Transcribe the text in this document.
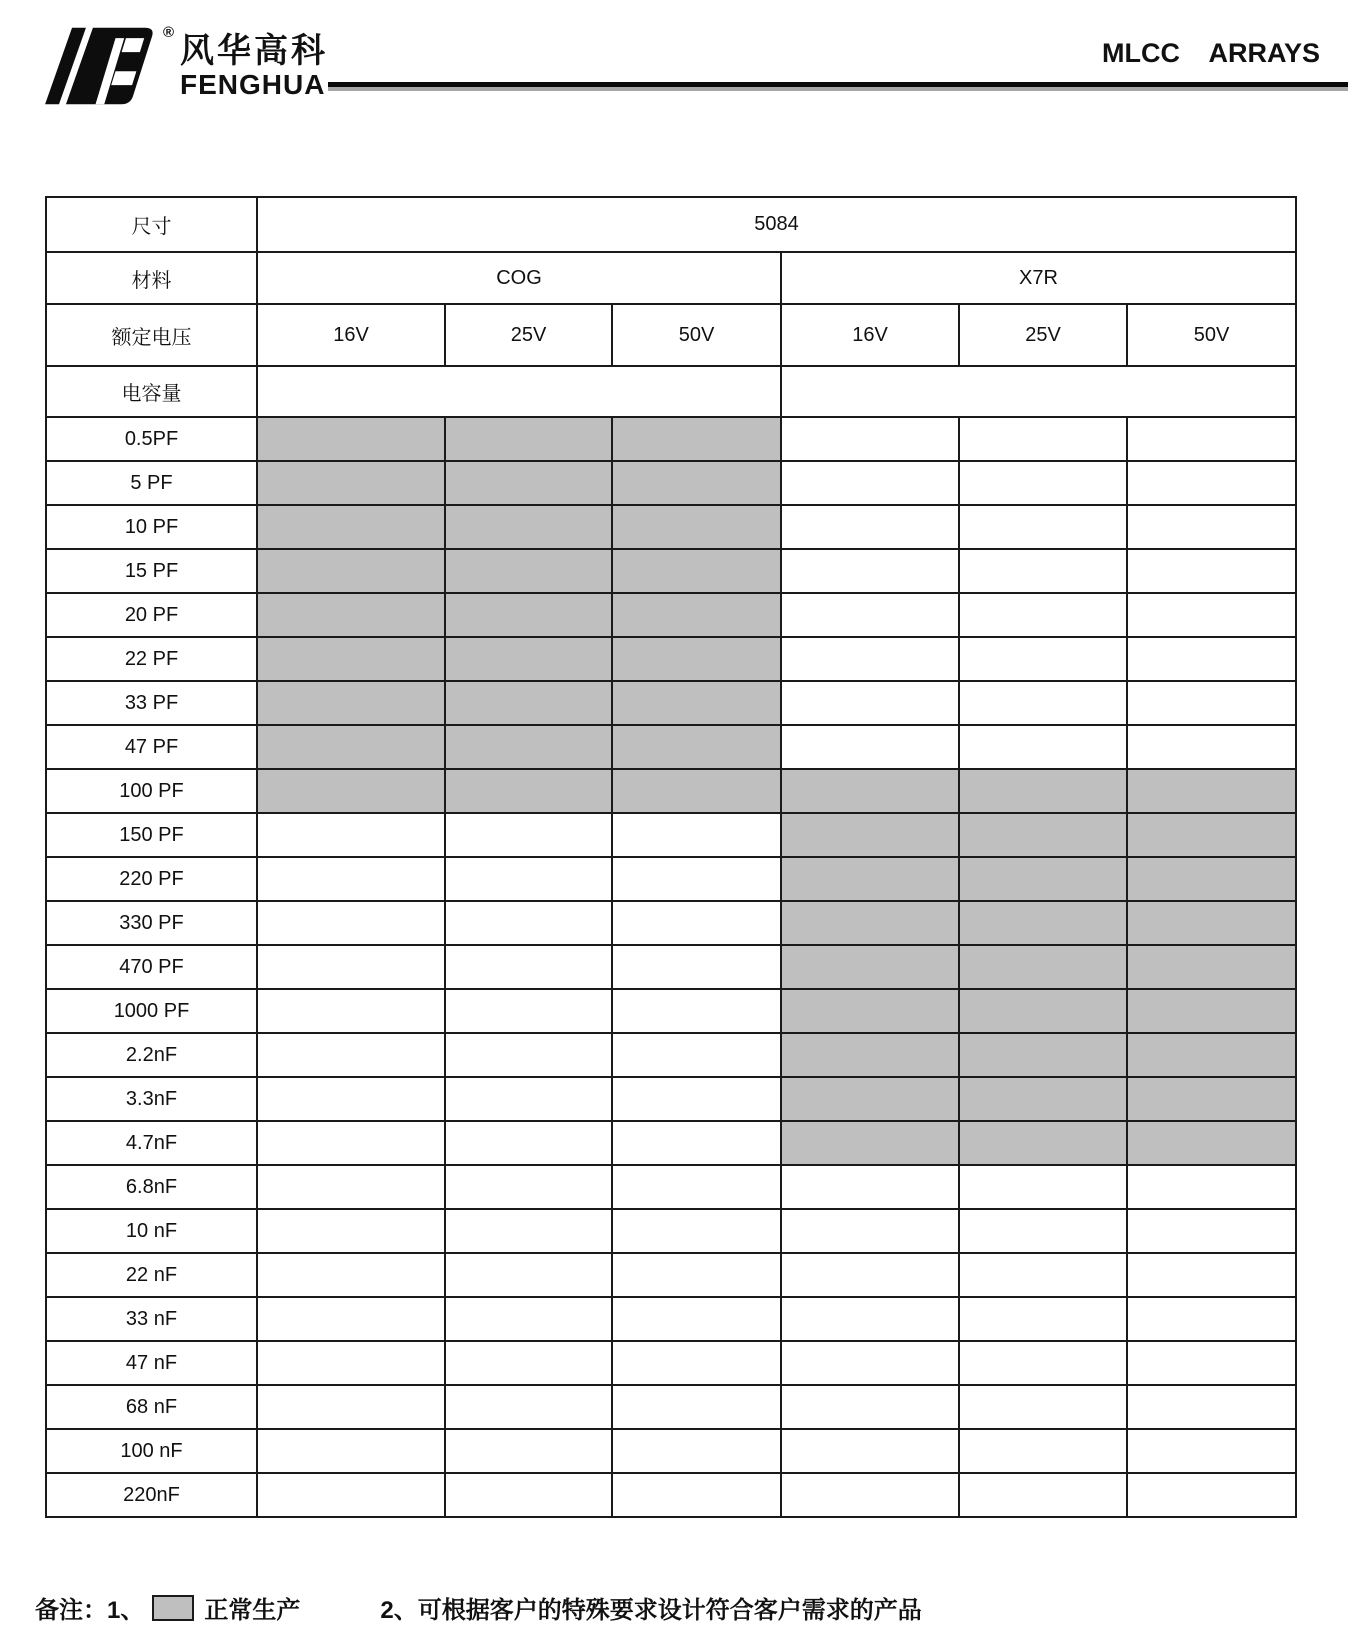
® 风华高科
FENGHUA
MLCC ARRAYS
尺寸	5084					
材料	COG			X7R		
额定电压	16V	25V	50V	16V	25V	50V
电容量						
0.5PF						
5 PF						
10 PF						
15 PF						
20 PF						
22 PF						
33 PF						
47 PF						
100 PF						
150 PF						
220 PF						
330 PF						
470 PF						
1000 PF						
2.2nF						
3.3nF						
4.7nF						
6.8nF						
10 nF						
22 nF						
33 nF						
47 nF						
68 nF						
100 nF						
220nF						
备注： 1、	正常生产	2、可根据客户的特殊要求设计符合客户需求的产品
